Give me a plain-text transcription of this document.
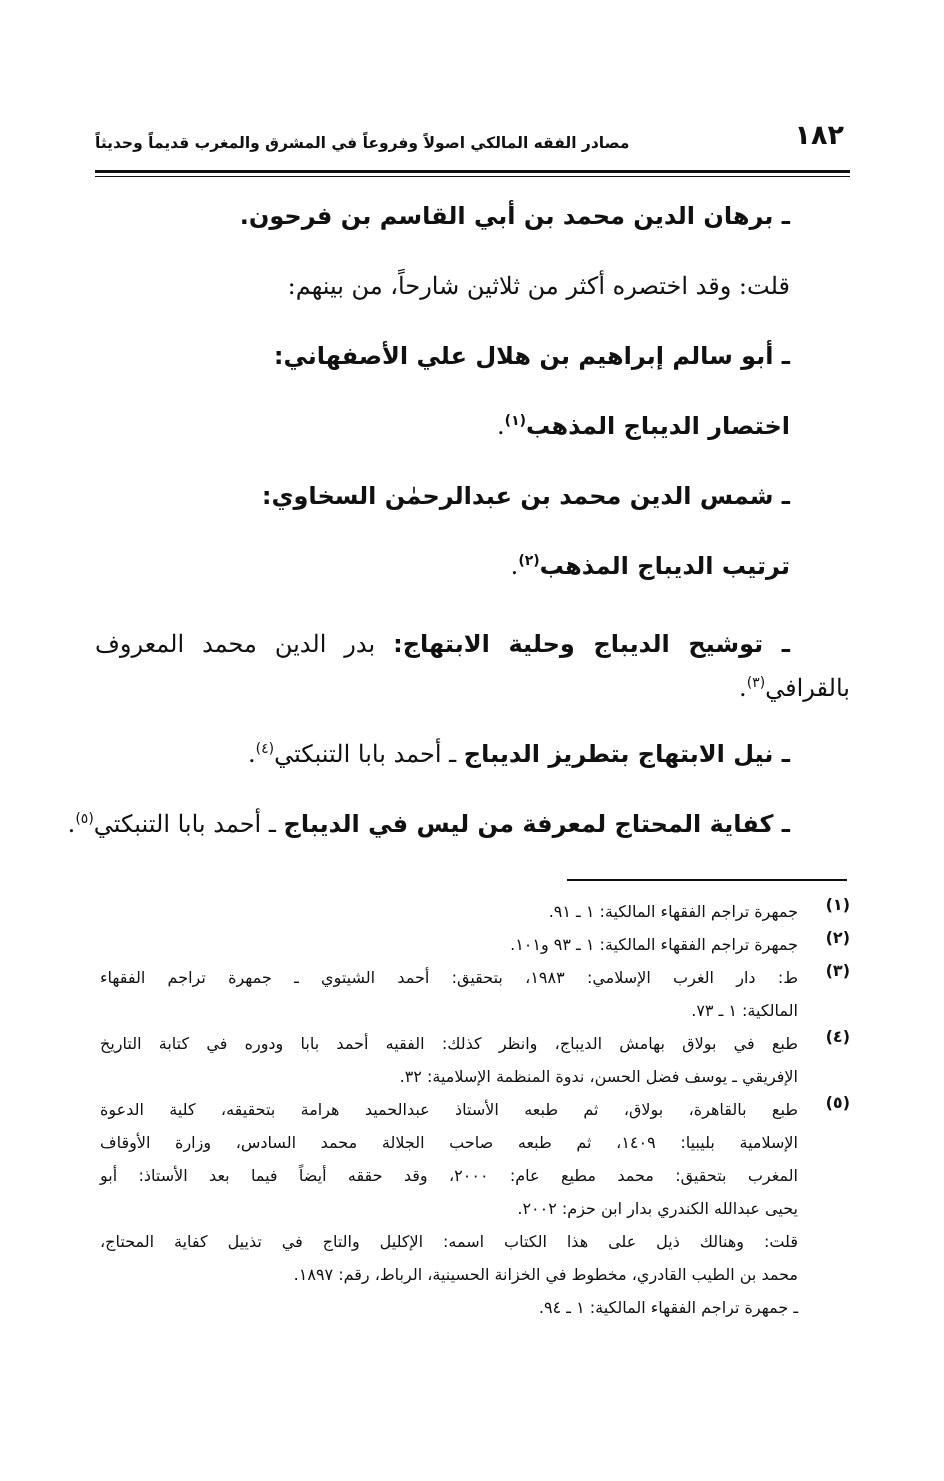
١٨٢
مصادر الفقه المالكي اصولاً وفروعاً في المشرق والمغرب قديماً وحديثاً
ـ برهان الدين محمد بن أبي القاسم بن فرحون.
قلت: وقد اختصره أكثر من ثلاثين شارحاً، من بينهم:
ـ أبو سالم إبراهيم بن هلال علي الأصفهاني:
اختصار الديباج المذهب$^{(١)}$.
ـ شمس الدين محمد بن عبدالرحمٰن السخاوي:
ترتيب الديباج المذهب$^{(٢)}$.
ـ توشيح الديباج وحلية الابتهاج: بدر الدين محمد المعروف
بالقرافي$^{(٣)}$.
ـ نيل الابتهاج بتطريز الديباج ـ أحمد بابا التنبكتي$^{(٤)}$.
ـ كفاية المحتاج لمعرفة من ليس في الديباج ـ أحمد بابا التنبكتي$^{(٥)}$.
(١)
جمهرة تراجم الفقهاء المالكية: ١ ـ ٩١.
(٢)
جمهرة تراجم الفقهاء المالكية: ١ ـ ٩٣ و١٠١.
(٣)
ط: دار الغرب الإسلامي: ١٩٨٣، بتحقيق: أحمد الشيتوي ـ جمهرة تراجم الفقهاء
المالكية: ١ ـ ٧٣.
(٤)
طبع في بولاق بهامش الديباج، وانظر كذلك: الفقيه أحمد بابا ودوره في كتابة التاريخ
الإفريقي ـ يوسف فضل الحسن، ندوة المنظمة الإسلامية: ٣٢.
(٥)
طبع بالقاهرة، بولاق، ثم طبعه الأستاذ عبدالحميد هرامة بتحقيقه، كلية الدعوة
الإسلامية بليبيا: ١٤٠٩، ثم طبعه صاحب الجلالة محمد السادس، وزارة الأوقاف
المغرب بتحقيق: محمد مطيع عام: ٢٠٠٠، وقد حققه أيضاً فيما بعد الأستاذ: أبو
يحيى عبدالله الكندري بدار ابن حزم: ٢٠٠٢.
قلت: وهنالك ذيل على هذا الكتاب اسمه: الإكليل والتاج في تذييل كفاية المحتاج،
محمد بن الطيب القادري، مخطوط في الخزانة الحسينية، الرباط، رقم: ١٨٩٧.
ـ جمهرة تراجم الفقهاء المالكية: ١ ـ ٩٤.
